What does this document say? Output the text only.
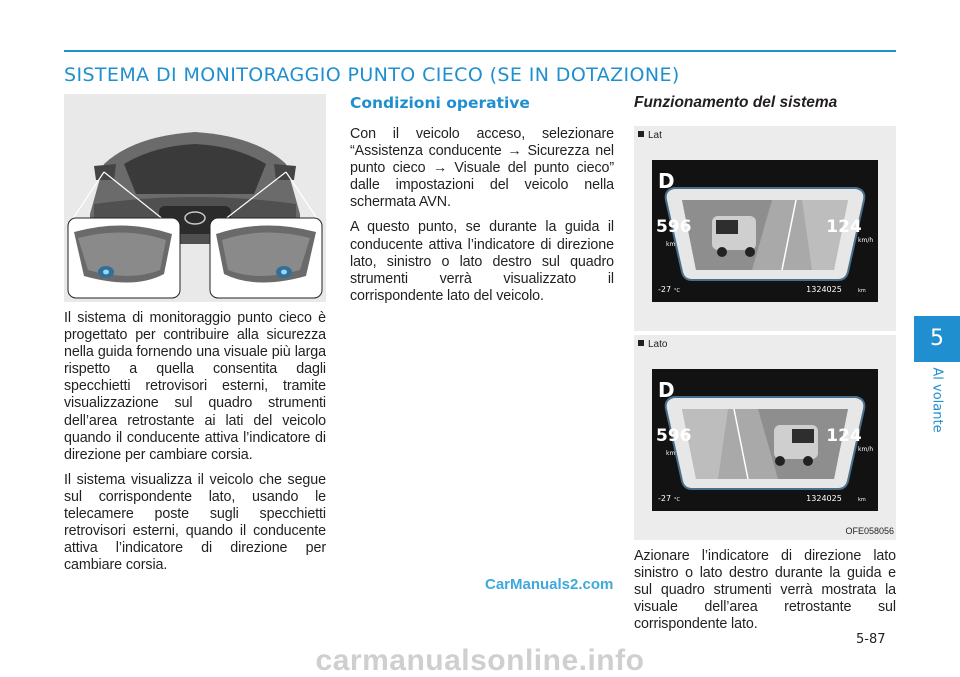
SISTEMA DI MONITORAGGIO PUNTO CIECO (SE IN DOTAZIONE)

Il sistema di monitoraggio punto cieco è progettato per contribuire alla sicurezza nella guida fornendo una visuale più larga rispetto a quella consentita dagli specchietti retrovisori esterni, tramite visualizzazione sul quadro strumenti dell’area retrostante ai lati del veicolo quando il conducente attiva l’indicatore di direzione per cambiare corsia.

Il sistema visualizza il veicolo che segue sul corrispondente lato, usando le telecamere poste sugli specchietti retrovisori esterni, quando il conducente attiva l’indicatore di direzione per cambiare corsia.

Condizioni operative

Con il veicolo acceso, selezionare “Assistenza conducente → Sicurezza nel punto cieco → Visuale del punto cieco” dalle impostazioni del veicolo nella schermata AVN.

A questo punto, se durante la guida il conducente attiva l’indicatore di direzione lato, sinistro o lato destro sul quadro strumenti verrà visualizzato il corrispondente lato del veicolo.

Funzionamento del sistema
Lat
D
596
km
124
km/h
-27 °C	1324025	km
Lato
D
596
km
124
km/h
-27 °C	1324025	km
OFE058056

Azionare l’indicatore di direzione lato sinistro o lato destro durante la guida e sul quadro strumenti verrà mostrata la visuale dell’area retrostante sul corrispondente lato.

5
Al volante
5-87
CarManuals2.com
carmanualsonline.info
